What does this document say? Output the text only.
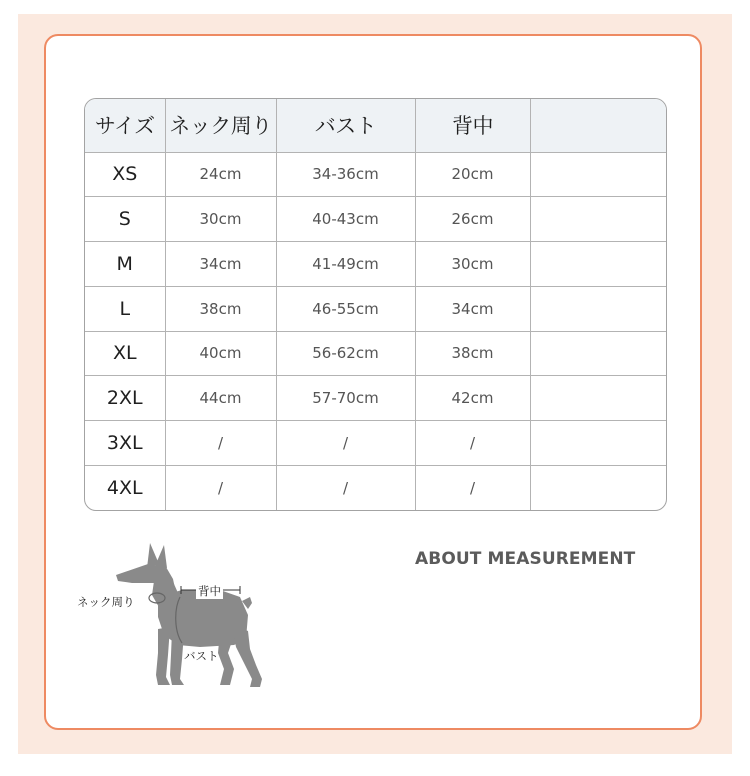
サイズ	ネック周り	バスト	背中	
XS	24cm	34-36cm	20cm	
S	30cm	40-43cm	26cm	
M	34cm	41-49cm	30cm	
L	38cm	46-55cm	34cm	
XL	40cm	56-62cm	38cm	
2XL	44cm	57-70cm	42cm	
3XL	/	/	/	
4XL	/	/	/	
ネック周り
背中
バスト
ABOUT MEASUREMENT
